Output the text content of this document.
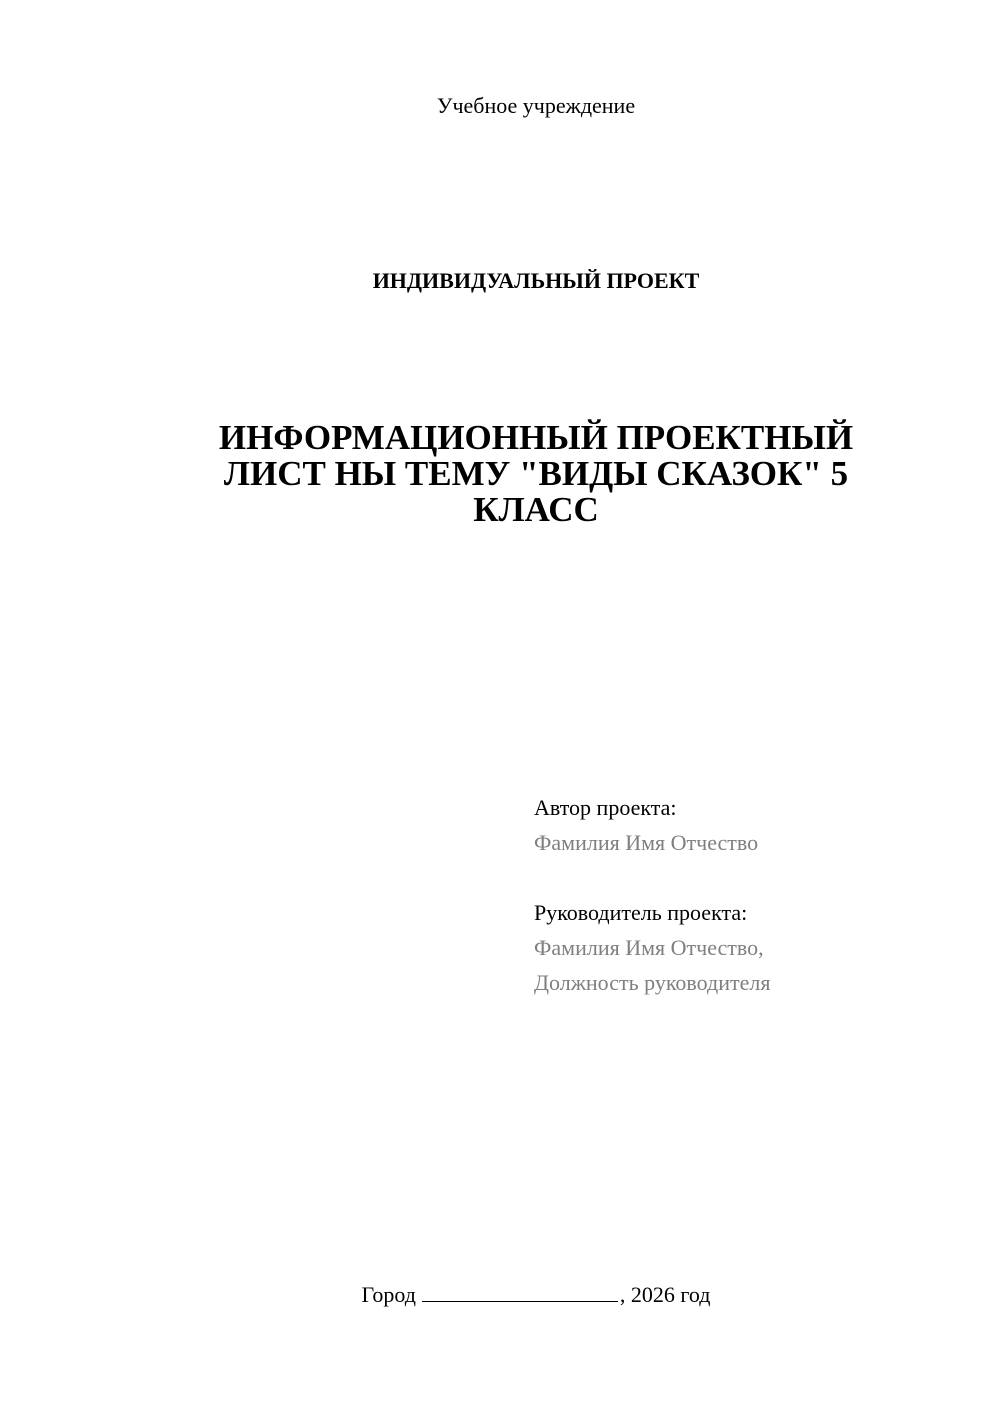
Учебное учреждение
ИНДИВИДУАЛЬНЫЙ ПРОЕКТ
ИНФОРМАЦИОННЫЙ ПРОЕКТНЫЙ
ЛИСТ НЫ ТЕМУ "ВИДЫ СКАЗОК" 5
КЛАСС
Автор проекта:
Фамилия Имя Отчество
Руководитель проекта:
Фамилия Имя Отчество,
Должность руководителя
Город	, 2026 год
